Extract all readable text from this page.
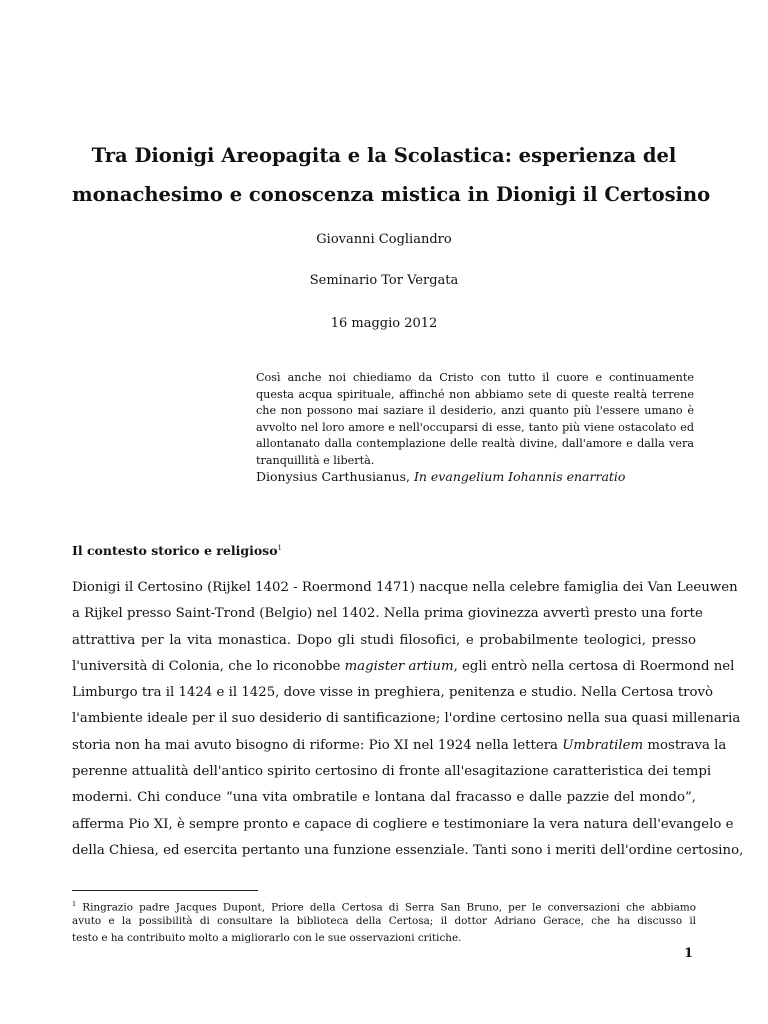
Tra Dionigi Areopagita e la Scolastica: esperienza del
monachesimo e conoscenza mistica in Dionigi il Certosino

Giovanni Cogliandro

Seminario Tor Vergata

16 maggio 2012

Così anche noi chiediamo da Cristo con tutto il cuore e continuamente
questa acqua spirituale, affinché non abbiamo sete di queste realtà terrene
che non possono mai saziare il desiderio, anzi quanto più l'essere umano è
avvolto nel loro amore e nell'occuparsi di esse, tanto più viene ostacolato ed
allontanato dalla contemplazione delle realtà divine, dall'amore e dalla vera
tranquillità e libertà.

Dionysius Carthusianus, In evangelium Iohannis enarratio

Il contesto storico e religioso$^1$
Dionigi il Certosino (Rijkel 1402 - Roermond 1471) nacque nella celebre famiglia dei Van Leeuwen
a Rijkel presso Saint-Trond (Belgio) nel 1402. Nella prima giovinezza avvertì presto una forte
attrattiva per la vita monastica. Dopo gli studi filosofici, e probabilmente teologici, presso
l'università di Colonia, che lo riconobbe magister artium, egli entrò nella certosa di Roermond nel
Limburgo tra il 1424 e il 1425, dove visse in preghiera, penitenza e studio. Nella Certosa trovò
l'ambiente ideale per il suo desiderio di santificazione; l'ordine certosino nella sua quasi millenaria
storia non ha mai avuto bisogno di riforme: Pio XI nel 1924 nella lettera Umbratilem mostrava la
perenne attualità dell'antico spirito certosino di fronte all'esagitazione caratteristica dei tempi
moderni. Chi conduce “una vita ombratile e lontana dal fracasso e dalle pazzie del mondo”,
afferma Pio XI, è sempre pronto e capace di cogliere e testimoniare la vera natura dell'evangelo e
della Chiesa, ed esercita pertanto una funzione essenziale. Tanti sono i meriti dell'ordine certosino,
$^1$ Ringrazio padre Jacques Dupont, Priore della Certosa di Serra San Bruno, per le conversazioni che abbiamo
avuto e la possibilità di consultare la biblioteca della Certosa; il dottor Adriano Gerace, che ha discusso il
testo e ha contribuito molto a migliorarlo con le sue osservazioni critiche.

1
